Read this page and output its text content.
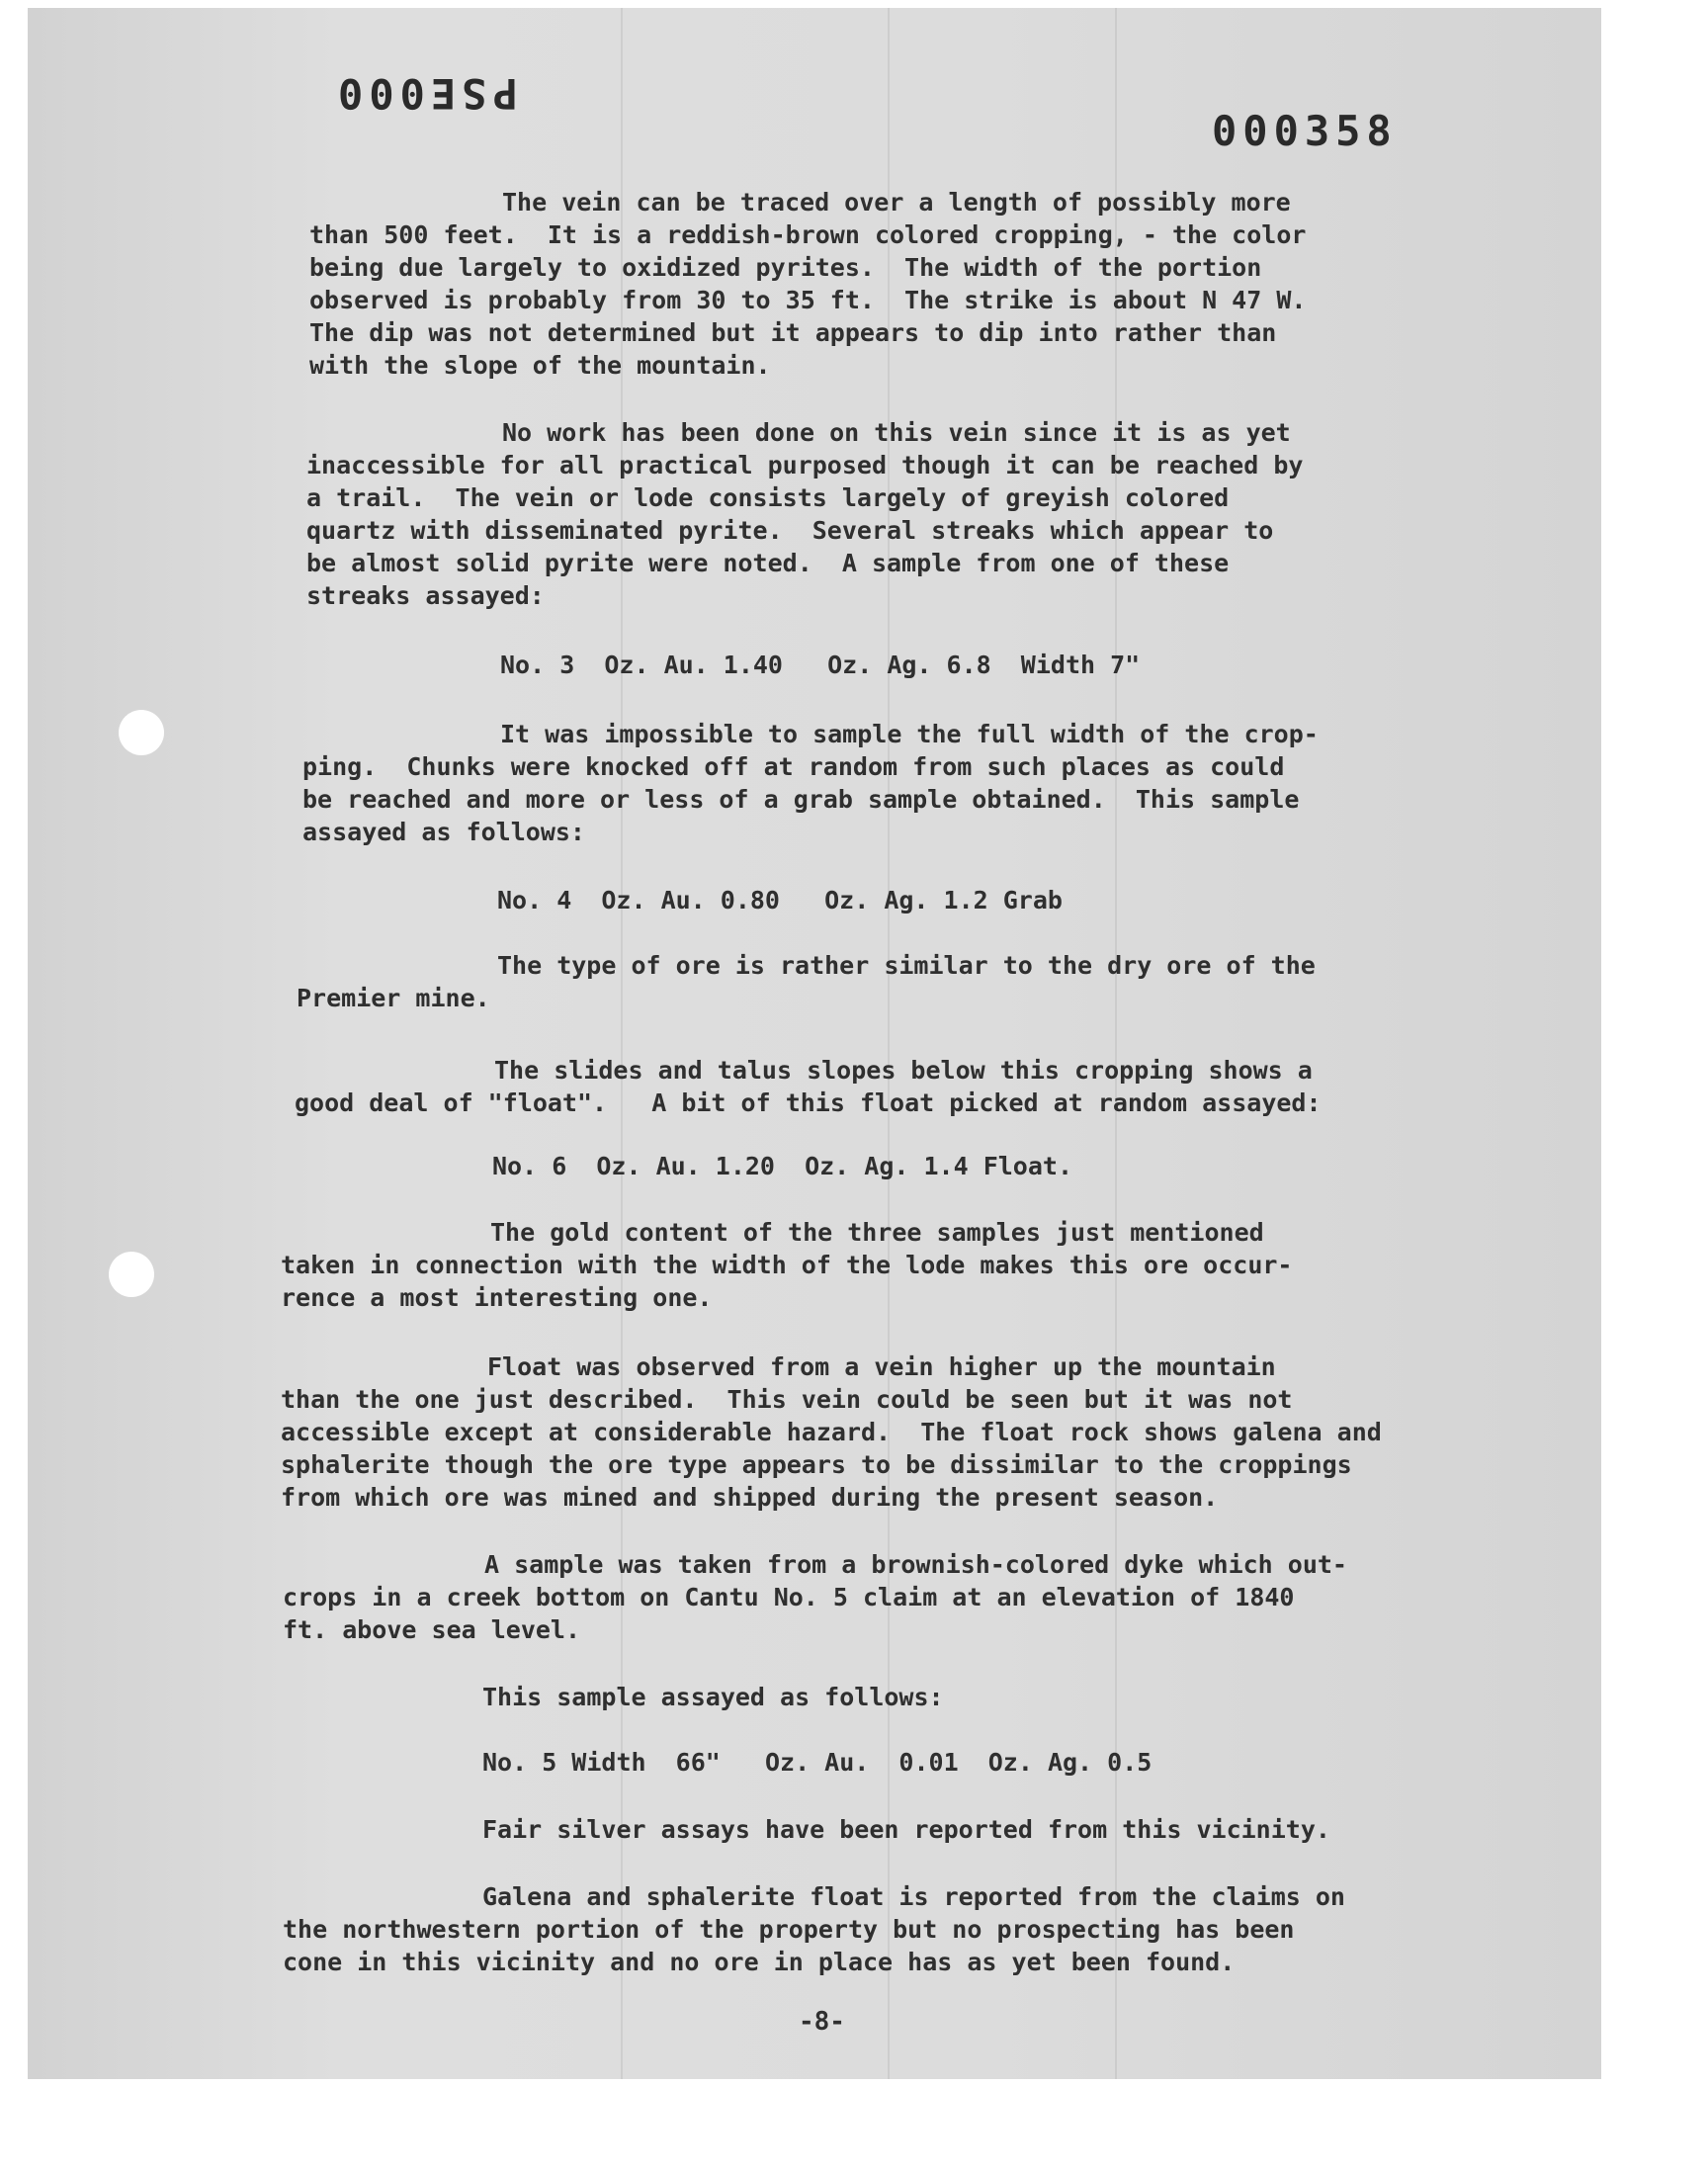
PSE000
000358
The vein can be traced over a length of possibly more
than 500 feet.  It is a reddish-brown colored cropping, - the color
being due largely to oxidized pyrites.  The width of the portion
observed is probably from 30 to 35 ft.  The strike is about N 47 W.
The dip was not determined but it appears to dip into rather than
with the slope of the mountain.
No work has been done on this vein since it is as yet
inaccessible for all practical purposed though it can be reached by
a trail.  The vein or lode consists largely of greyish colored
quartz with disseminated pyrite.  Several streaks which appear to
be almost solid pyrite were noted.  A sample from one of these
streaks assayed:
No. 3  Oz. Au. 1.40   Oz. Ag. 6.8  Width 7"
It was impossible to sample the full width of the crop-
ping.  Chunks were knocked off at random from such places as could
be reached and more or less of a grab sample obtained.  This sample
assayed as follows:
No. 4  Oz. Au. 0.80   Oz. Ag. 1.2 Grab
The type of ore is rather similar to the dry ore of the
Premier mine.
The slides and talus slopes below this cropping shows a
good deal of "float".   A bit of this float picked at random assayed:
No. 6  Oz. Au. 1.20  Oz. Ag. 1.4 Float.
The gold content of the three samples just mentioned
taken in connection with the width of the lode makes this ore occur-
rence a most interesting one.
Float was observed from a vein higher up the mountain
than the one just described.  This vein could be seen but it was not
accessible except at considerable hazard.  The float rock shows galena and
sphalerite though the ore type appears to be dissimilar to the croppings
from which ore was mined and shipped during the present season.
A sample was taken from a brownish-colored dyke which out-
crops in a creek bottom on Cantu No. 5 claim at an elevation of 1840
ft. above sea level.
This sample assayed as follows:
No. 5 Width  66"   Oz. Au.  0.01  Oz. Ag. 0.5
Fair silver assays have been reported from this vicinity.
Galena and sphalerite float is reported from the claims on
the northwestern portion of the property but no prospecting has been
cone in this vicinity and no ore in place has as yet been found.
-8-
